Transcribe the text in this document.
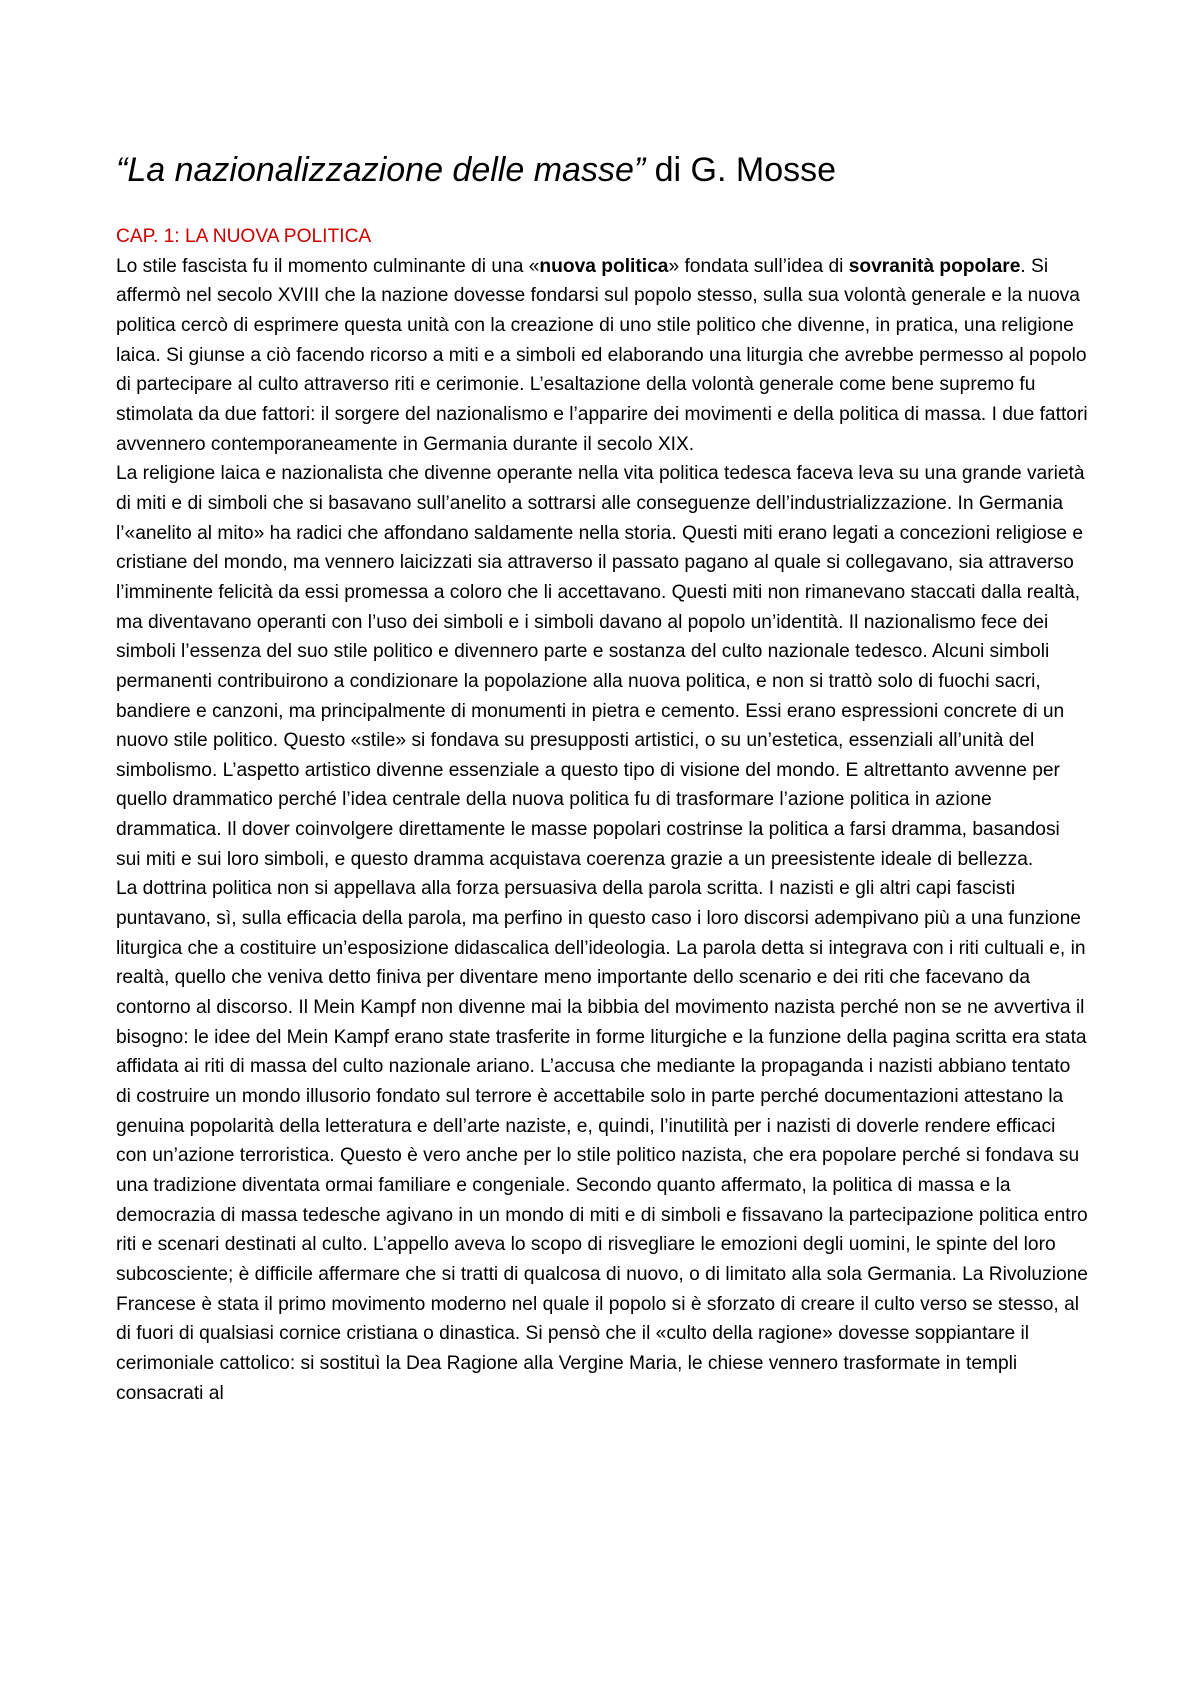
“La nazionalizzazione delle masse” di G. Mosse

CAP. 1: LA NUOVA POLITICA

Lo stile fascista fu il momento culminante di una «nuova politica» fondata sull’idea di sovranità popolare. Si affermò nel secolo XVIII che la nazione dovesse fondarsi sul popolo stesso, sulla sua volontà generale e la nuova politica cercò di esprimere questa unità con la creazione di uno stile politico che divenne, in pratica, una religione laica. Si giunse a ciò facendo ricorso a miti e a simboli ed elaborando una liturgia che avrebbe permesso al popolo di partecipare al culto attraverso riti e cerimonie. L’esaltazione della volontà generale come bene supremo fu stimolata da due fattori: il sorgere del nazionalismo e l’apparire dei movimenti e della politica di massa. I due fattori avvennero contemporaneamente in Germania durante il secolo XIX.

La religione laica e nazionalista che divenne operante nella vita politica tedesca faceva leva su una grande varietà di miti e di simboli che si basavano sull’anelito a sottrarsi alle conseguenze dell’industrializzazione. In Germania l’«anelito al mito» ha radici che affondano saldamente nella storia. Questi miti erano legati a concezioni religiose e cristiane del mondo, ma vennero laicizzati sia attraverso il passato pagano al quale si collegavano, sia attraverso l’imminente felicità da essi promessa a coloro che li accettavano. Questi miti non rimanevano staccati dalla realtà, ma diventavano operanti con l’uso dei simboli e i simboli davano al popolo un’identità. Il nazionalismo fece dei simboli l’essenza del suo stile politico e divennero parte e sostanza del culto nazionale tedesco. Alcuni simboli permanenti contribuirono a condizionare la popolazione alla nuova politica, e non si trattò solo di fuochi sacri, bandiere e canzoni, ma principalmente di monumenti in pietra e cemento. Essi erano espressioni concrete di un nuovo stile politico. Questo «stile» si fondava su presupposti artistici, o su un’estetica, essenziali all’unità del simbolismo. L’aspetto artistico divenne essenziale a questo tipo di visione del mondo. E altrettanto avvenne per quello drammatico perché l’idea centrale della nuova politica fu di trasformare l’azione politica in azione drammatica. Il dover coinvolgere direttamente le masse popolari costrinse la politica a farsi dramma, basandosi sui miti e sui loro simboli, e questo dramma acquistava coerenza grazie a un preesistente ideale di bellezza.

La dottrina politica non si appellava alla forza persuasiva della parola scritta. I nazisti e gli altri capi fascisti puntavano, sì, sulla efficacia della parola, ma perfino in questo caso i loro discorsi adempivano più a una funzione liturgica che a costituire un’esposizione didascalica dell’ideologia. La parola detta si integrava con i riti cultuali e, in realtà, quello che veniva detto finiva per diventare meno importante dello scenario e dei riti che facevano da contorno al discorso. Il Mein Kampf non divenne mai la bibbia del movimento nazista perché non se ne avvertiva il bisogno: le idee del Mein Kampf erano state trasferite in forme liturgiche e la funzione della pagina scritta era stata affidata ai riti di massa del culto nazionale ariano. L’accusa che mediante la propaganda i nazisti abbiano tentato di costruire un mondo illusorio fondato sul terrore è accettabile solo in parte perché documentazioni attestano la genuina popolarità della letteratura e dell’arte naziste, e, quindi, l’inutilità per i nazisti di doverle rendere efficaci con un’azione terroristica. Questo è vero anche per lo stile politico nazista, che era popolare perché si fondava su una tradizione diventata ormai familiare e congeniale. Secondo quanto affermato, la politica di massa e la democrazia di massa tedesche agivano in un mondo di miti e di simboli e fissavano la partecipazione politica entro riti e scenari destinati al culto. L’appello aveva lo scopo di risvegliare le emozioni degli uomini, le spinte del loro subcosciente; è difficile affermare che si tratti di qualcosa di nuovo, o di limitato alla sola Germania. La Rivoluzione Francese è stata il primo movimento moderno nel quale il popolo si è sforzato di creare il culto verso se stesso, al di fuori di qualsiasi cornice cristiana o dinastica. Si pensò che il «culto della ragione» dovesse soppiantare il cerimoniale cattolico: si sostituì la Dea Ragione alla Vergine Maria, le chiese vennero trasformate in templi consacrati al
